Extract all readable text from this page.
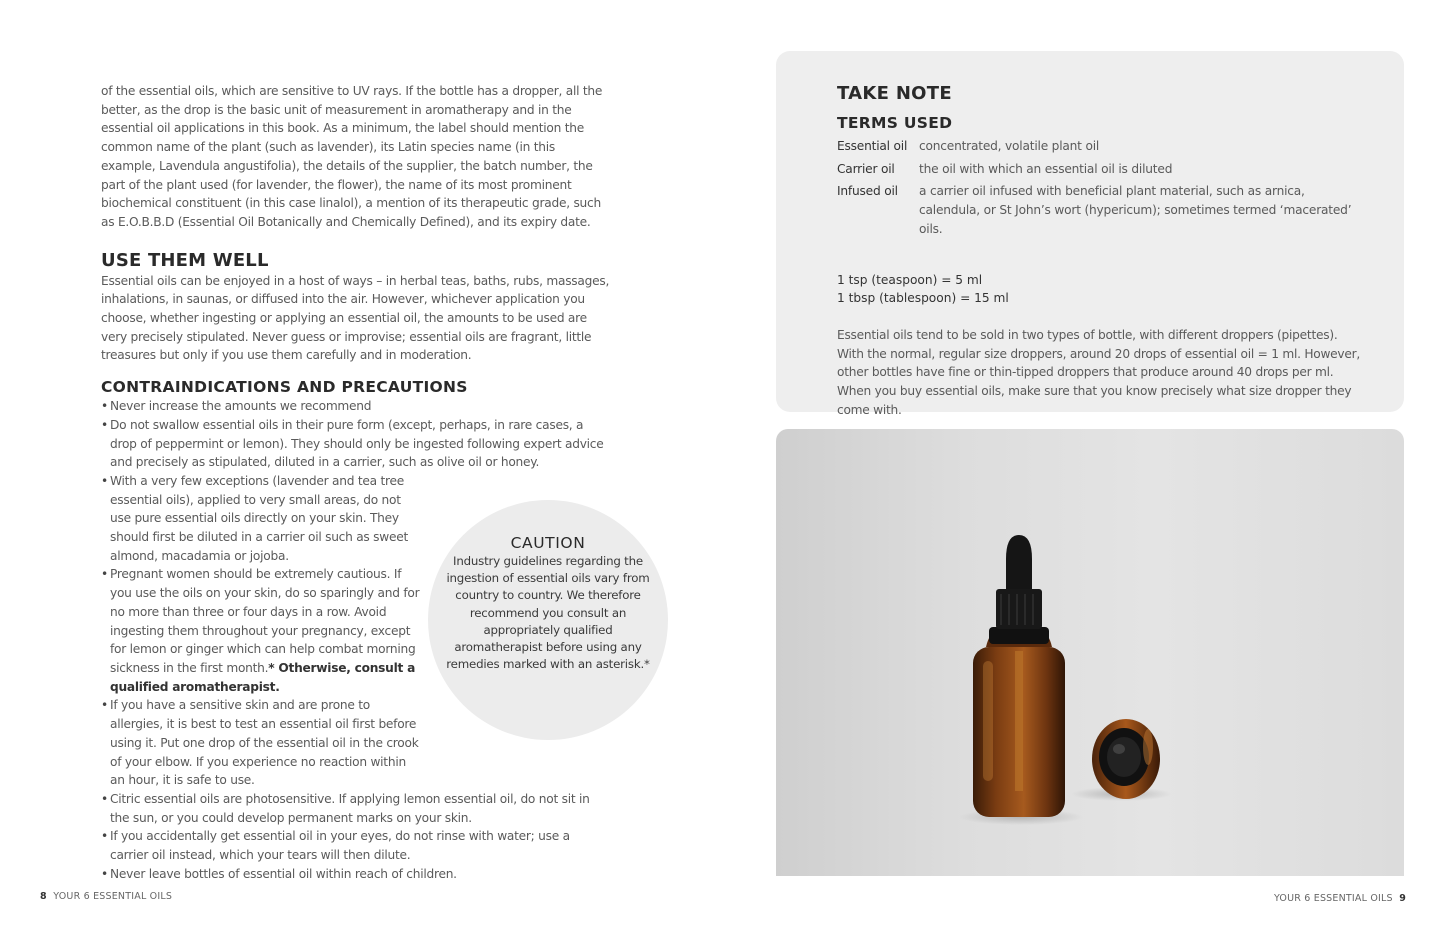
of the essential oils, which are sensitive to UV rays. If the bottle has a dropper, all the better, as the drop is the basic unit of measurement in aromatherapy and in the essential oil applications in this book. As a minimum, the label should mention the common name of the plant (such as lavender), its Latin species name (in this example, Lavendula angustifolia), the details of the supplier, the batch number, the part of the plant used (for lavender, the flower), the name of its most prominent biochemical constituent (in this case linalol), a mention of its therapeutic grade, such as E.O.B.B.D (Essential Oil Botanically and Chemically Defined), and its expiry date.

USE THEM WELL

Essential oils can be enjoyed in a host of ways – in herbal teas, baths, rubs, massages, inhalations, in saunas, or diffused into the air. However, whichever application you choose, whether ingesting or applying an essential oil, the amounts to be used are very precisely stipulated. Never guess or improvise; essential oils are fragrant, little treasures but only if you use them carefully and in moderation.

CONTRAINDICATIONS AND PRECAUTIONS
• Never increase the amounts we recommend
• Do not swallow essential oils in their pure form (except, perhaps, in rare cases, a drop of peppermint or lemon). They should only be ingested following expert advice and precisely as stipulated, diluted in a carrier, such as olive oil or honey.
• With a very few exceptions (lavender and tea tree essential oils), applied to very small areas, do not use pure essential oils directly on your skin. They should first be diluted in a carrier oil such as sweet almond, macadamia or jojoba.
• Pregnant women should be extremely cautious. If you use the oils on your skin, do so sparingly and for no more than three or four days in a row. Avoid ingesting them throughout your pregnancy, except for lemon or ginger which can help combat morning sickness in the first month.* Otherwise, consult a qualified aromatherapist.
• If you have a sensitive skin and are prone to allergies, it is best to test an essential oil first before using it. Put one drop of the essential oil in the crook of your elbow. If you experience no reaction within an hour, it is safe to use.
• Citric essential oils are photosensitive. If applying lemon essential oil, do not sit in the sun, or you could develop permanent marks on your skin.
• If you accidentally get essential oil in your eyes, do not rinse with water; use a carrier oil instead, which your tears will then dilute.
• Never leave bottles of essential oil within reach of children.

CAUTION

Industry guidelines regarding the ingestion of essential oils vary from country to country. We therefore recommend you consult an appropriately qualified aromatherapist before using any remedies marked with an asterisk.*

8 YOUR 6 ESSENTIAL OILS
TAKE NOTE
TERMS USED
Essential oil	concentrated, volatile plant oil
Carrier oil	the oil with which an essential oil is diluted
Infused oil	a carrier oil infused with beneficial plant material, such as arnica, calendula, or St John’s wort (hypericum); sometimes termed ‘macerated’ oils.
1 tsp (teaspoon) = 5 ml
1 tbsp (tablespoon) = 15 ml

Essential oils tend to be sold in two types of bottle, with different droppers (pipettes). With the normal, regular size droppers, around 20 drops of essential oil = 1 ml. However, other bottles have fine or thin-tipped droppers that produce around 40 drops per ml. When you buy essential oils, make sure that you know precisely what size dropper they come with.

YOUR 6 ESSENTIAL OILS 9
